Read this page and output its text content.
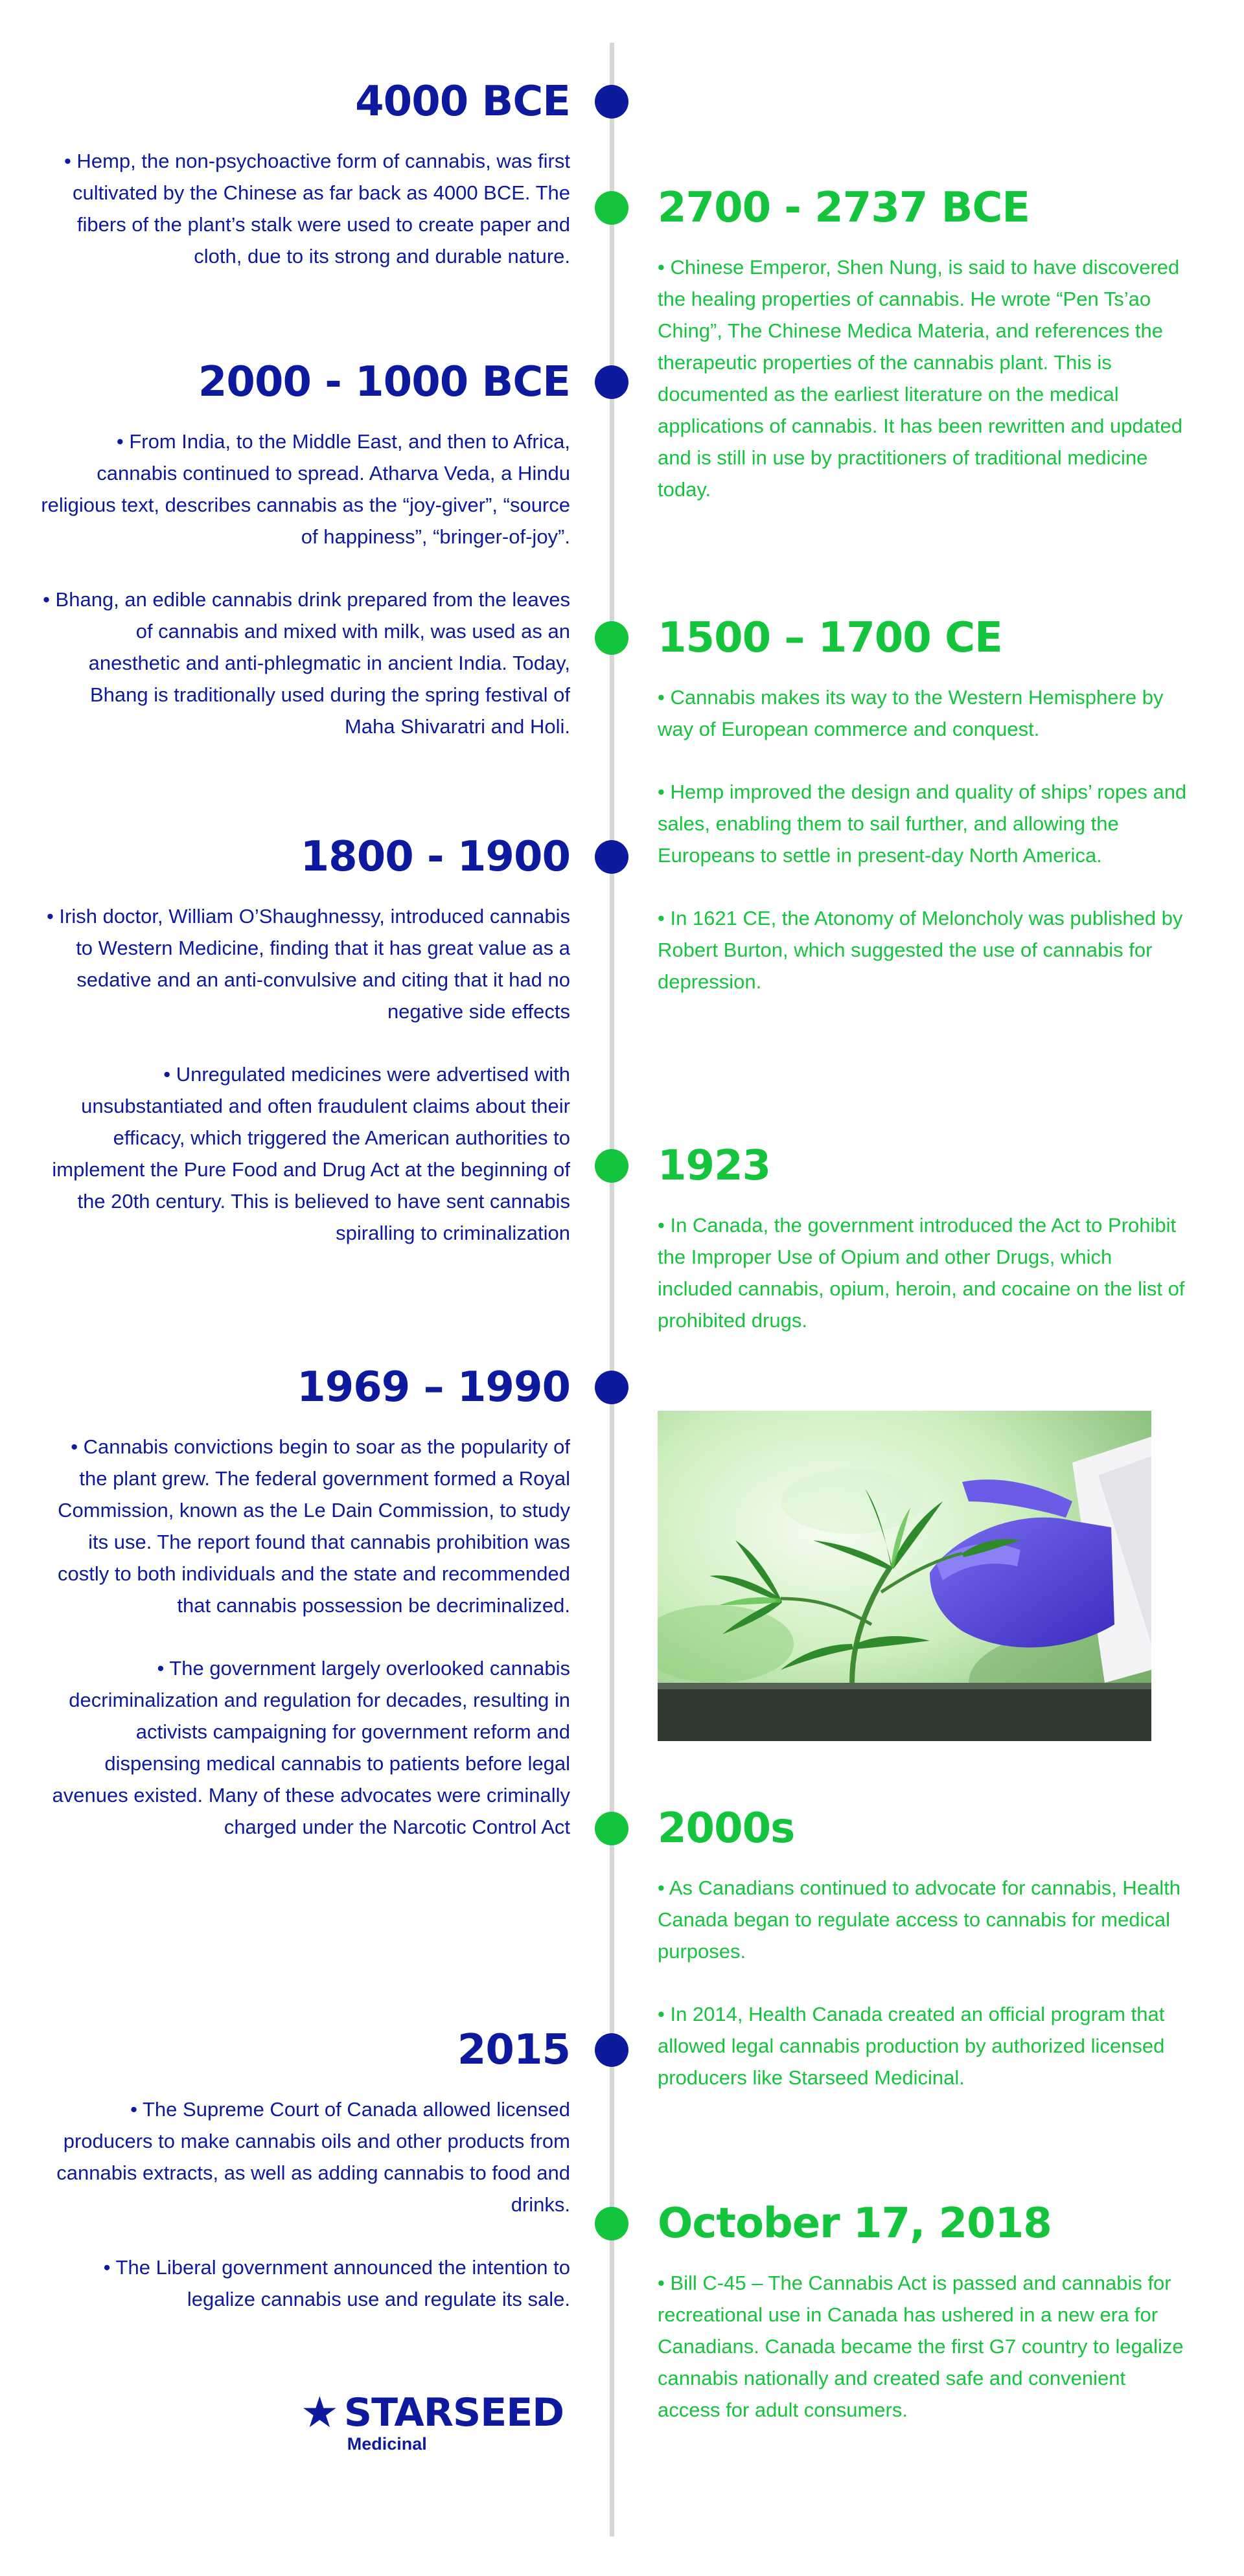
4000 BCE

• Hemp, the non-psychoactive form of cannabis, was first cultivated by the Chinese as far back as 4000 BCE. The fibers of the plant’s stalk were used to create paper and cloth, due to its strong and durable nature.

2000 - 1000 BCE

• From India, to the Middle East, and then to Africa, cannabis continued to spread. Atharva Veda, a Hindu religious text, describes cannabis as the “joy-giver”, “source of happiness”, “bringer-of-joy”.

• Bhang, an edible cannabis drink prepared from the leaves of cannabis and mixed with milk, was used as an anesthetic and anti-phlegmatic in ancient India. Today, Bhang is traditionally used during the spring festival of Maha Shivaratri and Holi.

1800 - 1900

• Irish doctor, William O’Shaughnessy, introduced cannabis to Western Medicine, finding that it has great value as a sedative and an anti-convulsive and citing that it had no negative side effects

• Unregulated medicines were advertised with unsubstantiated and often fraudulent claims about their efficacy, which triggered the American authorities to implement the Pure Food and Drug Act at the beginning of the 20th century. This is believed to have sent cannabis spiralling to criminalization

1969 – 1990

• Cannabis convictions begin to soar as the popularity of the plant grew. The federal government formed a Royal Commission, known as the Le Dain Commission, to study its use. The report found that cannabis prohibition was costly to both individuals and the state and recommended that cannabis possession be decriminalized.

• The government largely overlooked cannabis decriminalization and regulation for decades, resulting in activists campaigning for government reform and dispensing medical cannabis to patients before legal avenues existed. Many of these advocates were criminally charged under the Narcotic Control Act

2015

• The Supreme Court of Canada allowed licensed producers to make cannabis oils and other products from cannabis extracts, as well as adding cannabis to food and drinks.

• The Liberal government announced the intention to legalize cannabis use and regulate its sale.

2700 - 2737 BCE

• Chinese Emperor, Shen Nung, is said to have discovered the healing properties of cannabis. He wrote “Pen Ts’ao Ching”, The Chinese Medica Materia, and references the therapeutic properties of the cannabis plant. This is documented as the earliest literature on the medical applications of cannabis. It has been rewritten and updated and is still in use by practitioners of traditional medicine today.

1500 – 1700 CE

• Cannabis makes its way to the Western Hemisphere by way of European commerce and conquest.

• Hemp improved the design and quality of ships’ ropes and sales, enabling them to sail further, and allowing the Europeans to settle in present-day North America.

• In 1621 CE, the Atonomy of Meloncholy was published by Robert Burton, which suggested the use of cannabis for depression.

1923

• In Canada, the government introduced the Act to Prohibit the Improper Use of Opium and other Drugs, which included cannabis, opium, heroin, and cocaine on the list of prohibited drugs.

2000s

• As Canadians continued to advocate for cannabis, Health Canada began to regulate access to cannabis for medical purposes.

• In 2014, Health Canada created an official program that allowed legal cannabis production by authorized licensed producers like Starseed Medicinal.

October 17, 2018

• Bill C-45 – The Cannabis Act is passed and cannabis for recreational use in Canada has ushered in a new era for Canadians. Canada became the first G7 country to legalize cannabis nationally and created safe and convenient access for adult consumers.

★ STARSEED
Medicinal
